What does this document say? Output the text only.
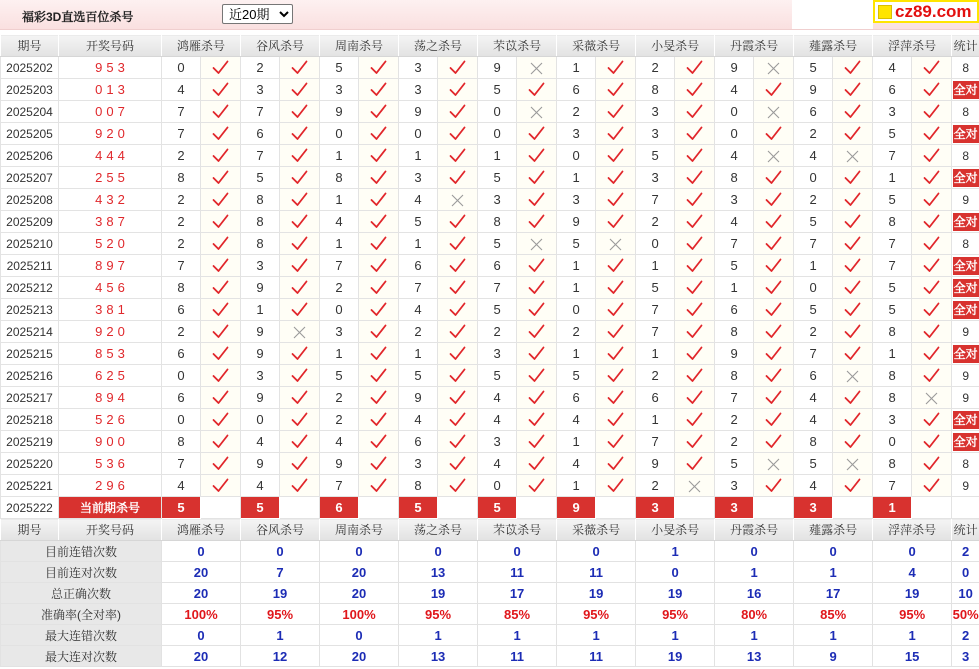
福彩3D直选百位杀号
近20期	cz89.com
期号	开奖号码	鸿雁杀号		谷风杀号		周南杀号		荡之杀号		芣苡杀号		采薇杀号		小旻杀号		丹霞杀号		薤露杀号		浮萍杀号		统计
2025202	953	0		2		5		3		9		1		2		9		5		4		8
2025203	013	4		3		3		3		5		6		8		4		9		6		全对
2025204	007	7		7		9		9		0		2		3		0		6		3		8
2025205	920	7		6		0		0		0		3		3		0		2		5		全对
2025206	444	2		7		1		1		1		0		5		4		4		7		8
2025207	255	8		5		8		3		5		1		3		8		0		1		全对
2025208	432	2		8		1		4		3		3		7		3		2		5		9
2025209	387	2		8		4		5		8		9		2		4		5		8		全对
2025210	520	2		8		1		1		5		5		0		7		7		7		8
2025211	897	7		3		7		6		6		1		1		5		1		7		全对
2025212	456	8		9		2		7		7		1		5		1		0		5		全对
2025213	381	6		1		0		4		5		0		7		6		5		5		全对
2025214	920	2		9		3		2		2		2		7		8		2		8		9
2025215	853	6		9		1		1		3		1		1		9		7		1		全对
2025216	625	0		3		5		5		5		5		2		8		6		8		9
2025217	894	6		9		2		9		4		6		6		7		4		8		9
2025218	526	0		0		2		4		4		4		1		2		4		3		全对
2025219	900	8		4		4		6		3		1		7		2		8		0		全对
2025220	536	7		9		9		3		4		4		9		5		5		8		8
2025221	296	4		4		7		8		0		1		2		3		4		7		9
2025222	当前期杀号	5		5		6		5		5		9		3		3		3		1		
期号	开奖号码	鸿雁杀号		谷风杀号		周南杀号		荡之杀号		芣苡杀号		采薇杀号		小旻杀号		丹霞杀号		薤露杀号		浮萍杀号		统计
目前连错次数		0		0		0		0		0		0		1		0		0		0		2
目前连对次数		20		7		20		13		11		11		0		1		1		4		0
总正确次数		20		19		20		19		17		19		19		16		17		19		10
准确率(全对率)		100%		95%		100%		95%		85%		95%		95%		80%		85%		95%		50%
最大连错次数		0		1		0		1		1		1		1		1		1		1		2
最大连对次数		20		12		20		13		11		11		19		13		9		15		3
